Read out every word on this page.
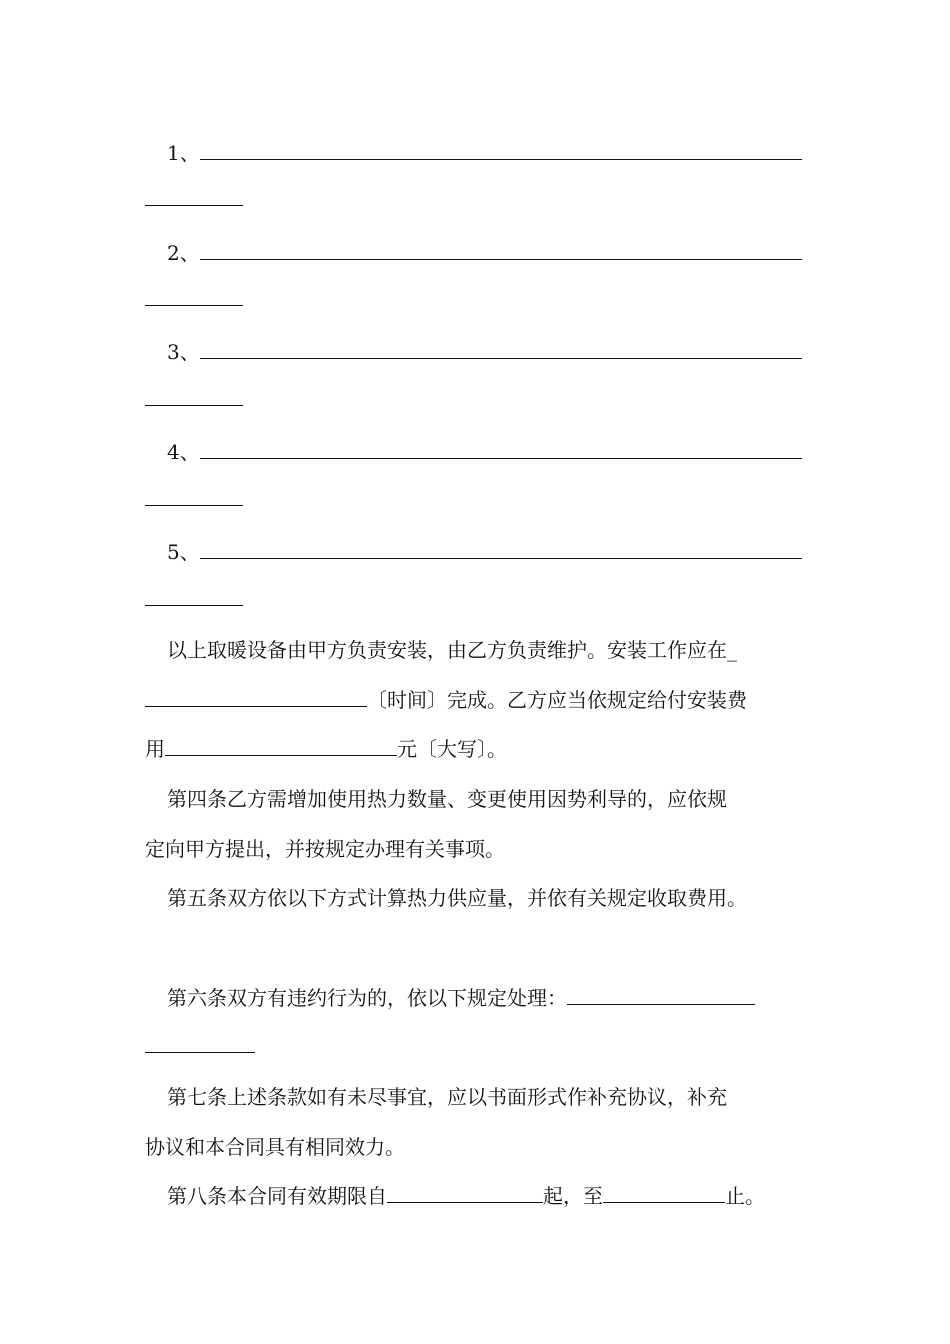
1、
2、
3、
4、
5、
以上取暖设备由甲方负责安装，由乙方负责维护。安装工作应在_
〔时间〕完成。乙方应当依规定给付安装费
用	元〔大写〕。
第四条乙方需增加使用热力数量、变更使用因势利导的，应依规
定向甲方提出，并按规定办理有关事项。
第五条双方依以下方式计算热力供应量，并依有关规定收取费用。
第六条双方有违约行为的，依以下规定处理：
第七条上述条款如有未尽事宜，应以书面形式作补充协议，补充
协议和本合同具有相同效力。
第八条本合同有效期限自	起，至	止。
